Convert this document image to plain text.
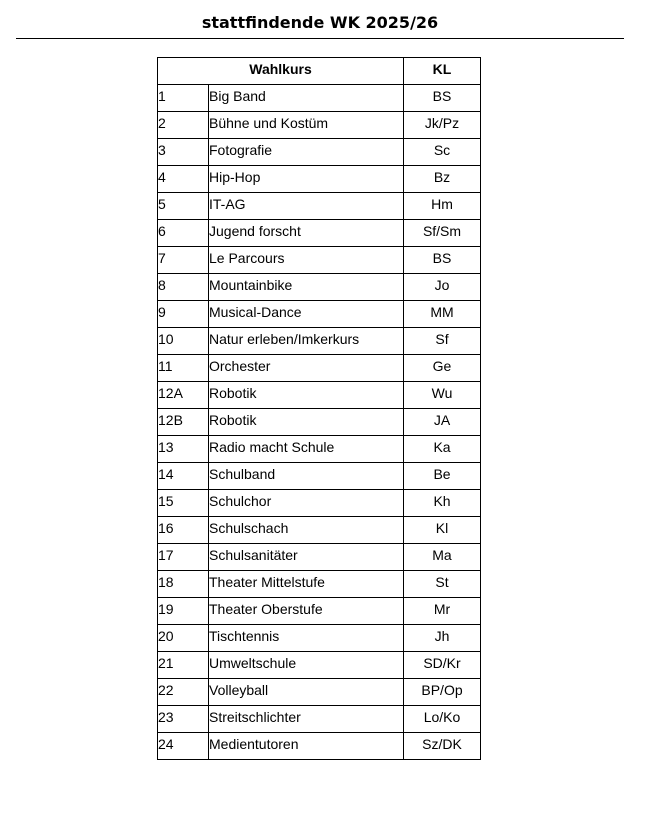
stattfindende WK 2025/26
Wahlkurs		KL
1	Big Band	BS
2	Bühne und Kostüm	Jk/Pz
3	Fotografie	Sc
4	Hip-Hop	Bz
5	IT-AG	Hm
6	Jugend forscht	Sf/Sm
7	Le Parcours	BS
8	Mountainbike	Jo
9	Musical-Dance	MM
10	Natur erleben/Imkerkurs	Sf
11	Orchester	Ge
12A	Robotik	Wu
12B	Robotik	JA
13	Radio macht Schule	Ka
14	Schulband	Be
15	Schulchor	Kh
16	Schulschach	Kl
17	Schulsanitäter	Ma
18	Theater Mittelstufe	St
19	Theater Oberstufe	Mr
20	Tischtennis	Jh
21	Umweltschule	SD/Kr
22	Volleyball	BP/Op
23	Streitschlichter	Lo/Ko
24	Medientutoren	Sz/DK
